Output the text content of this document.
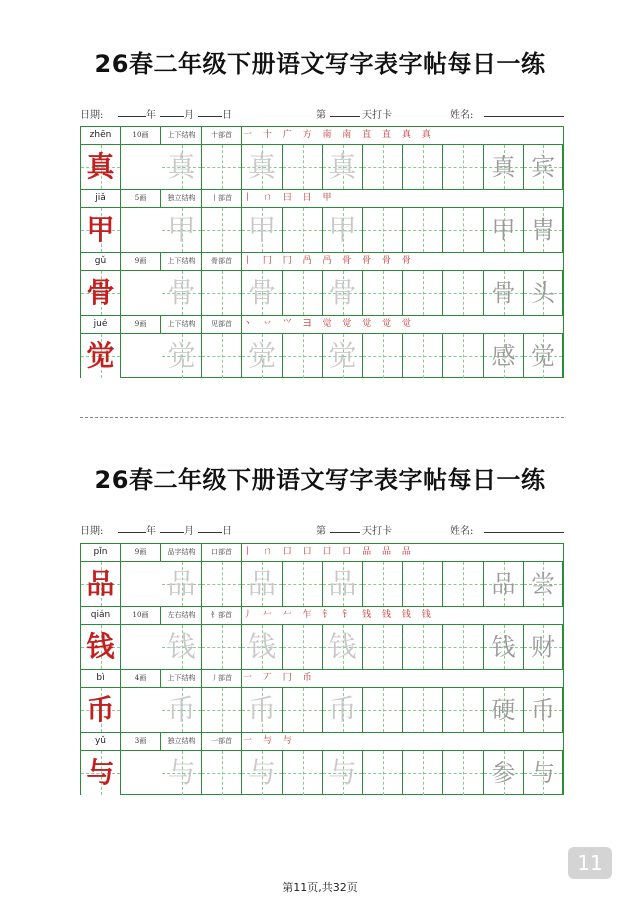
26春二年级下册语文写字表字帖每日一练
日期:	年	月	日	第	天打卡	姓名:
zhēn	10画	上下结构	十部首	一 十 广 方 南 南 直 直 真 真
真 真 真 真	真 宾
jiǎ	5画	独立结构	丨部首	丨 ㄇ 曰 日 甲
甲 甲 甲 甲	甲 胄
gǔ	9画	上下结构	骨部首	丨 冂 冂 冎 冎 骨 骨 骨 骨
骨 骨 骨 骨	骨 头
jué	9画	上下结构	见部首	丶 丷 ⺍ 𫜹 觉 觉 觉 觉 觉
觉 觉 觉 觉	感 觉
26春二年级下册语文写字表字帖每日一练
日期:	年	月	日	第	天打卡	姓名:
pǐn	9画	品字结构	口部首	丨 ㄇ 口 口 口 口 品 品 品
品 品 品 品	品 尝
qián	10画	左右结构	钅部首	丿 𠂉 𠂉 乍 钅 钅 钱 钱 钱 钱
钱 钱 钱 钱	钱 财
bì	4画	上下结构	丿部首	一 丆 冂 币
币 币 币 币	硬 币
yǔ	3画	独立结构	一部首	一 与 与
与 与 与 与	参 与
第11页,共32页
11
